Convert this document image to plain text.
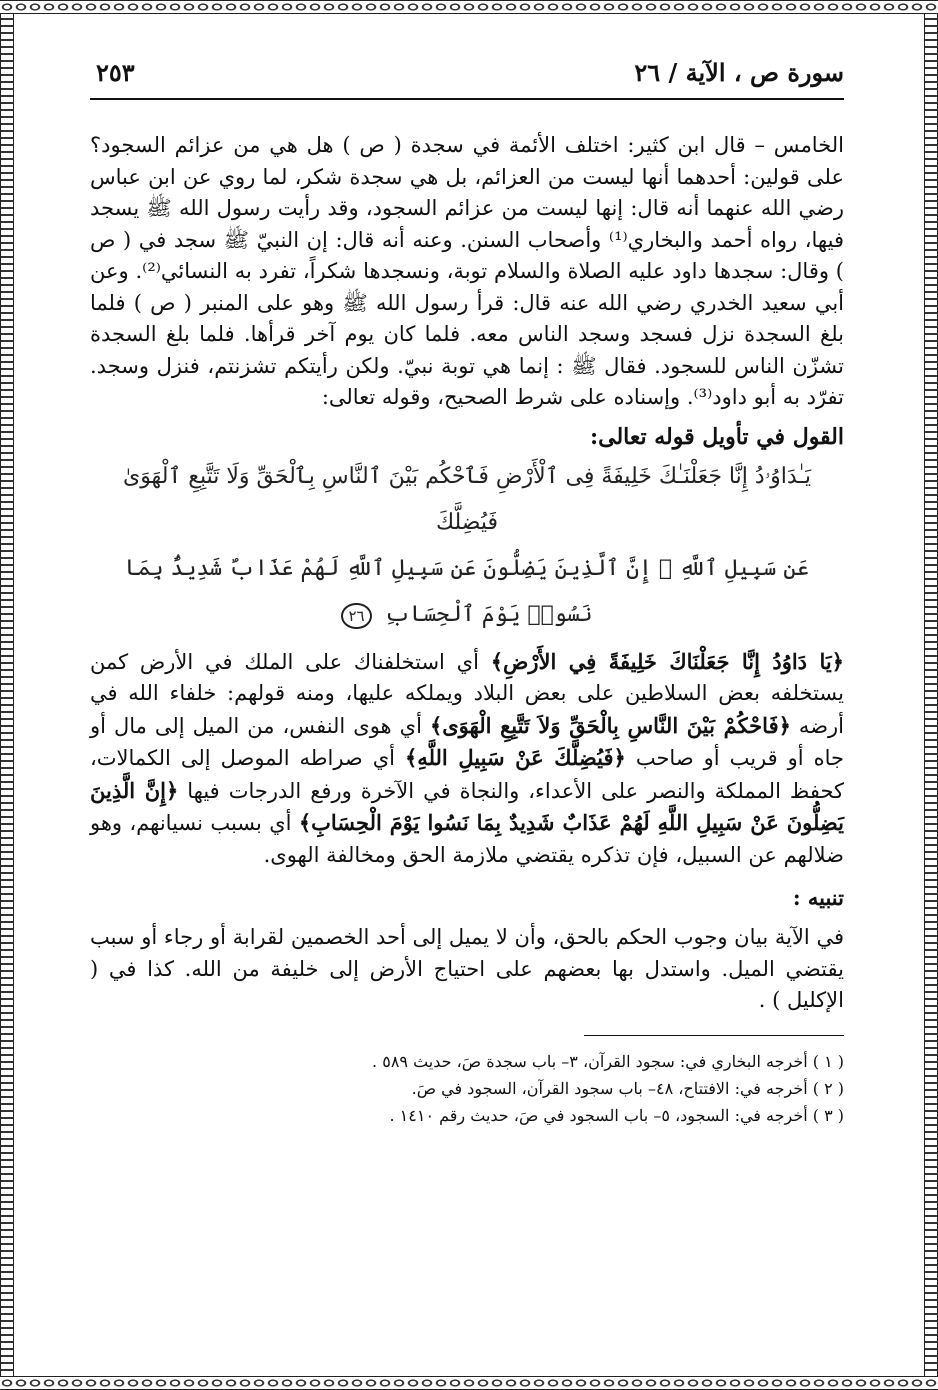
سورة ص ، الآية / ٢٦
٢٥٣

الخامس – قال ابن كثير: اختلف الأئمة في سجدة ( ص ) هل هي من عزائم السجود؟ على قولين: أحدهما أنها ليست من العزائم، بل هي سجدة شكر، لما روي عن ابن عباس رضي الله عنهما أنه قال: إنها ليست من عزائم السجود، وقد رأيت رسول الله ﷺ يسجد فيها، رواه أحمد والبخاري⁽¹⁾ وأصحاب السنن. وعنه أنه قال: إن النبيّ ﷺ سجد في ( ص ) وقال: سجدها داود عليه الصلاة والسلام توبة، ونسجدها شكراً، تفرد به النسائي⁽²⁾. وعن أبي سعيد الخدري رضي الله عنه قال: قرأ رسول الله ﷺ وهو على المنبر ( ص ) فلما بلغ السجدة نزل فسجد وسجد الناس معه. فلما كان يوم آخر قرأها. فلما بلغ السجدة تشزّن الناس للسجود. فقال ﷺ : إنما هي توبة نبيّ. ولكن رأيتكم تشزنتم، فنزل وسجد. تفرّد به أبو داود⁽³⁾. وإسناده على شرط الصحيح، وقوله تعالى:

القول في تأويل قوله تعالى:
يَـٰدَاوُۥدُ إِنَّا جَعَلْنَـٰكَ خَلِيفَةً فِى ٱلْأَرْضِ فَٱحْكُم بَيْنَ ٱلنَّاسِ بِٱلْحَقِّ وَلَا تَتَّبِعِ ٱلْهَوَىٰ فَيُضِلَّكَ
عَن سَبِيلِ ٱللَّهِ ۚ إِنَّ ٱلَّذِينَ يَضِلُّونَ عَن سَبِيلِ ٱللَّهِ لَهُمْ عَذَابٌ شَدِيدٌۢ بِمَا نَسُوا۟ يَوْمَ ٱلْحِسَابِ ٢٦

﴿يَا دَاوُدُ إِنَّا جَعَلْنَاكَ خَلِيفَةً فِي الأَرْضِ﴾ أي استخلفناك على الملك في الأرض كمن يستخلفه بعض السلاطين على بعض البلاد ويملكه عليها، ومنه قولهم: خلفاء الله في أرضه ﴿فَاحْكُمْ بَيْنَ النَّاسِ بِالْحَقِّ وَلاَ تَتَّبِعِ الْهَوَى﴾ أي هوى النفس، من الميل إلى مال أو جاه أو قريب أو صاحب ﴿فَيُضِلَّكَ عَنْ سَبِيلِ اللَّهِ﴾ أي صراطه الموصل إلى الكمالات، كحفظ المملكة والنصر على الأعداء، والنجاة في الآخرة ورفع الدرجات فيها ﴿إِنَّ الَّذِينَ يَضِلُّونَ عَنْ سَبِيلِ اللَّهِ لَهُمْ عَذَابٌ شَدِيدٌ بِمَا نَسُوا يَوْمَ الْحِسَابِ﴾ أي بسبب نسيانهم، وهو ضلالهم عن السبيل، فإن تذكره يقتضي ملازمة الحق ومخالفة الهوى.

تنبيه :

في الآية بيان وجوب الحكم بالحق، وأن لا يميل إلى أحد الخصمين لقرابة أو رجاء أو سبب يقتضي الميل. واستدل بها بعضهم على احتياج الأرض إلى خليفة من الله. كذا في ( الإكليل ) .

( ١ ) أخرجه البخاري في: سجود القرآن، ٣– باب سجدة صَ، حديث ٥٨٩ .
( ٢ ) أخرجه في: الافتتاح، ٤٨– باب سجود القرآن، السجود في صَ.
( ٣ ) أخرجه في: السجود، ٥– باب السجود في صَ، حديث رقم ١٤١٠ .
